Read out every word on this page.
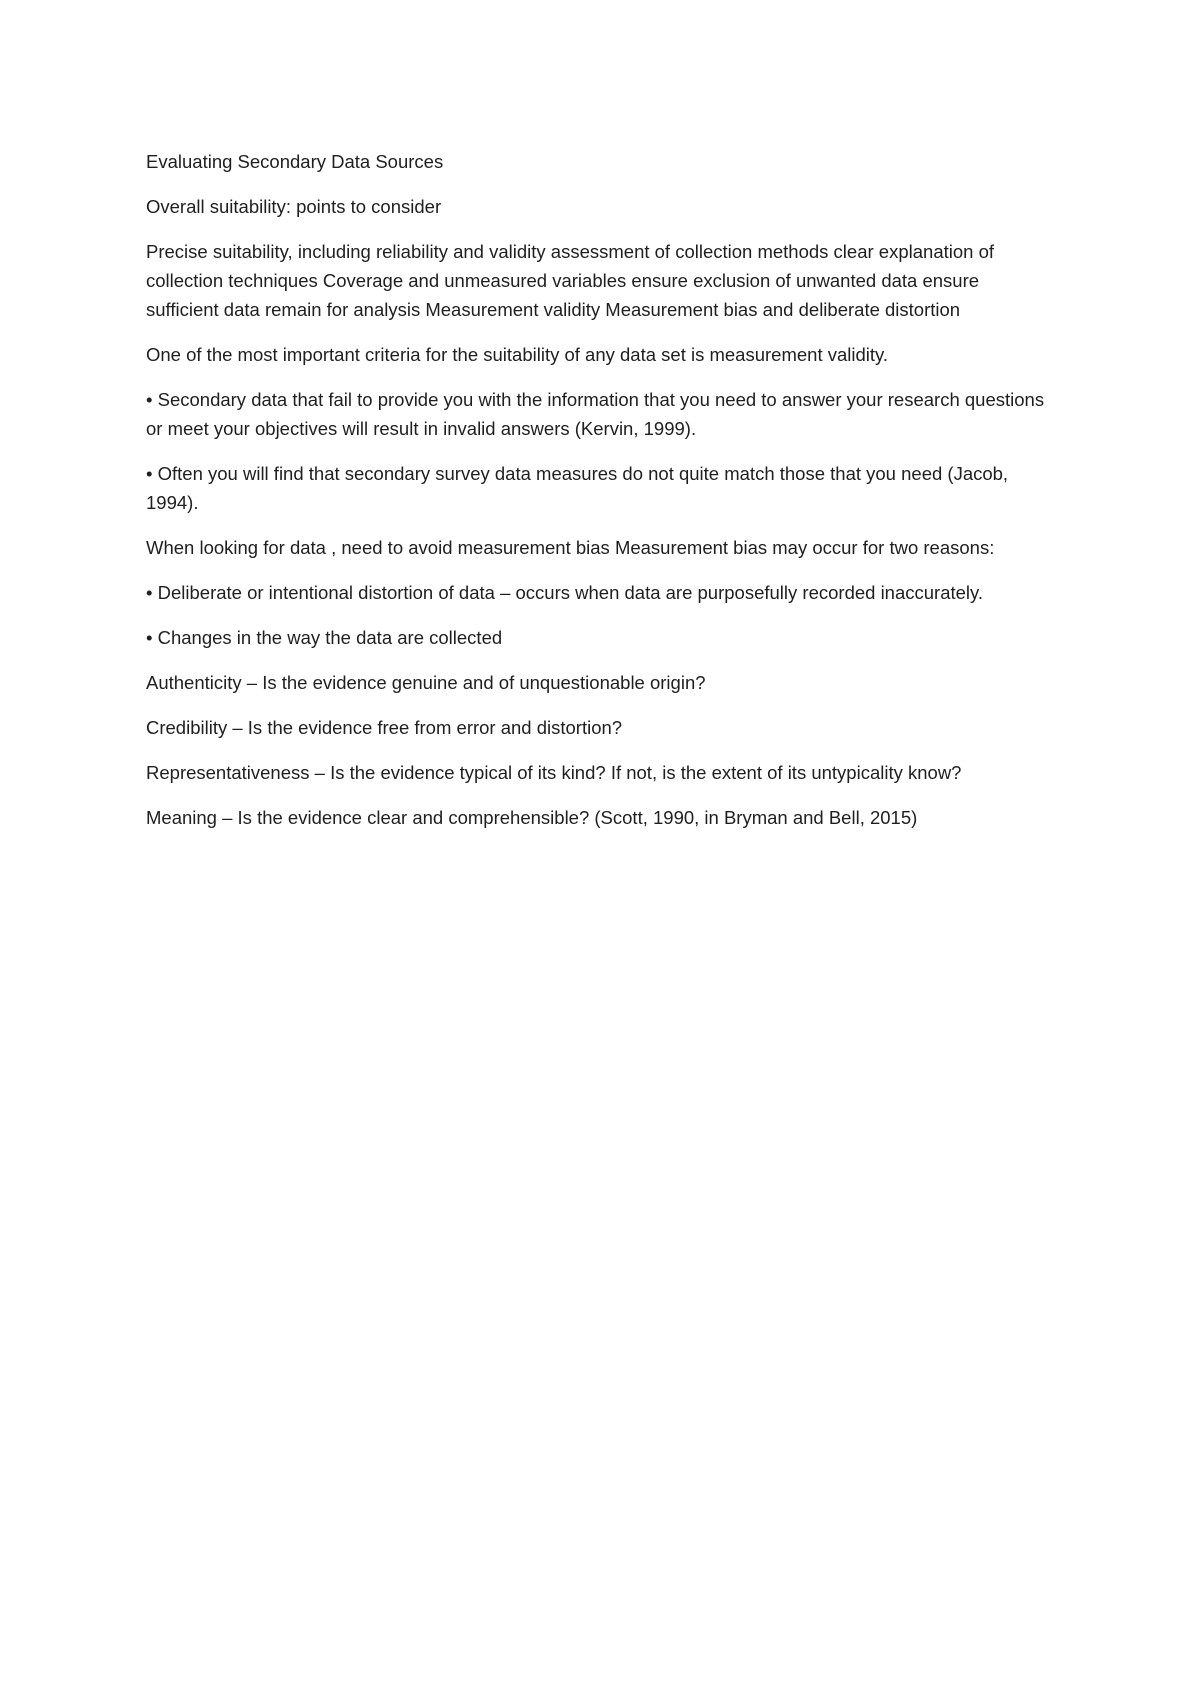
Evaluating Secondary Data Sources

Overall suitability: points to consider

Precise suitability, including reliability and validity assessment of collection methods clear explanation of collection techniques Coverage and unmeasured variables ensure exclusion of unwanted data ensure sufficient data remain for analysis Measurement validity Measurement bias and deliberate distortion

One of the most important criteria for the suitability of any data set is measurement validity.

• Secondary data that fail to provide you with the information that you need to answer your research questions or meet your objectives will result in invalid answers (Kervin, 1999).

• Often you will find that secondary survey data measures do not quite match those that you need (Jacob, 1994).

When looking for data , need to avoid measurement bias Measurement bias may occur for two reasons:

• Deliberate or intentional distortion of data – occurs when data are purposefully recorded inaccurately.

• Changes in the way the data are collected

Authenticity – Is the evidence genuine and of unquestionable origin?

Credibility – Is the evidence free from error and distortion?

Representativeness – Is the evidence typical of its kind? If not, is the extent of its untypicality know?

Meaning – Is the evidence clear and comprehensible? (Scott, 1990, in Bryman and Bell, 2015)
